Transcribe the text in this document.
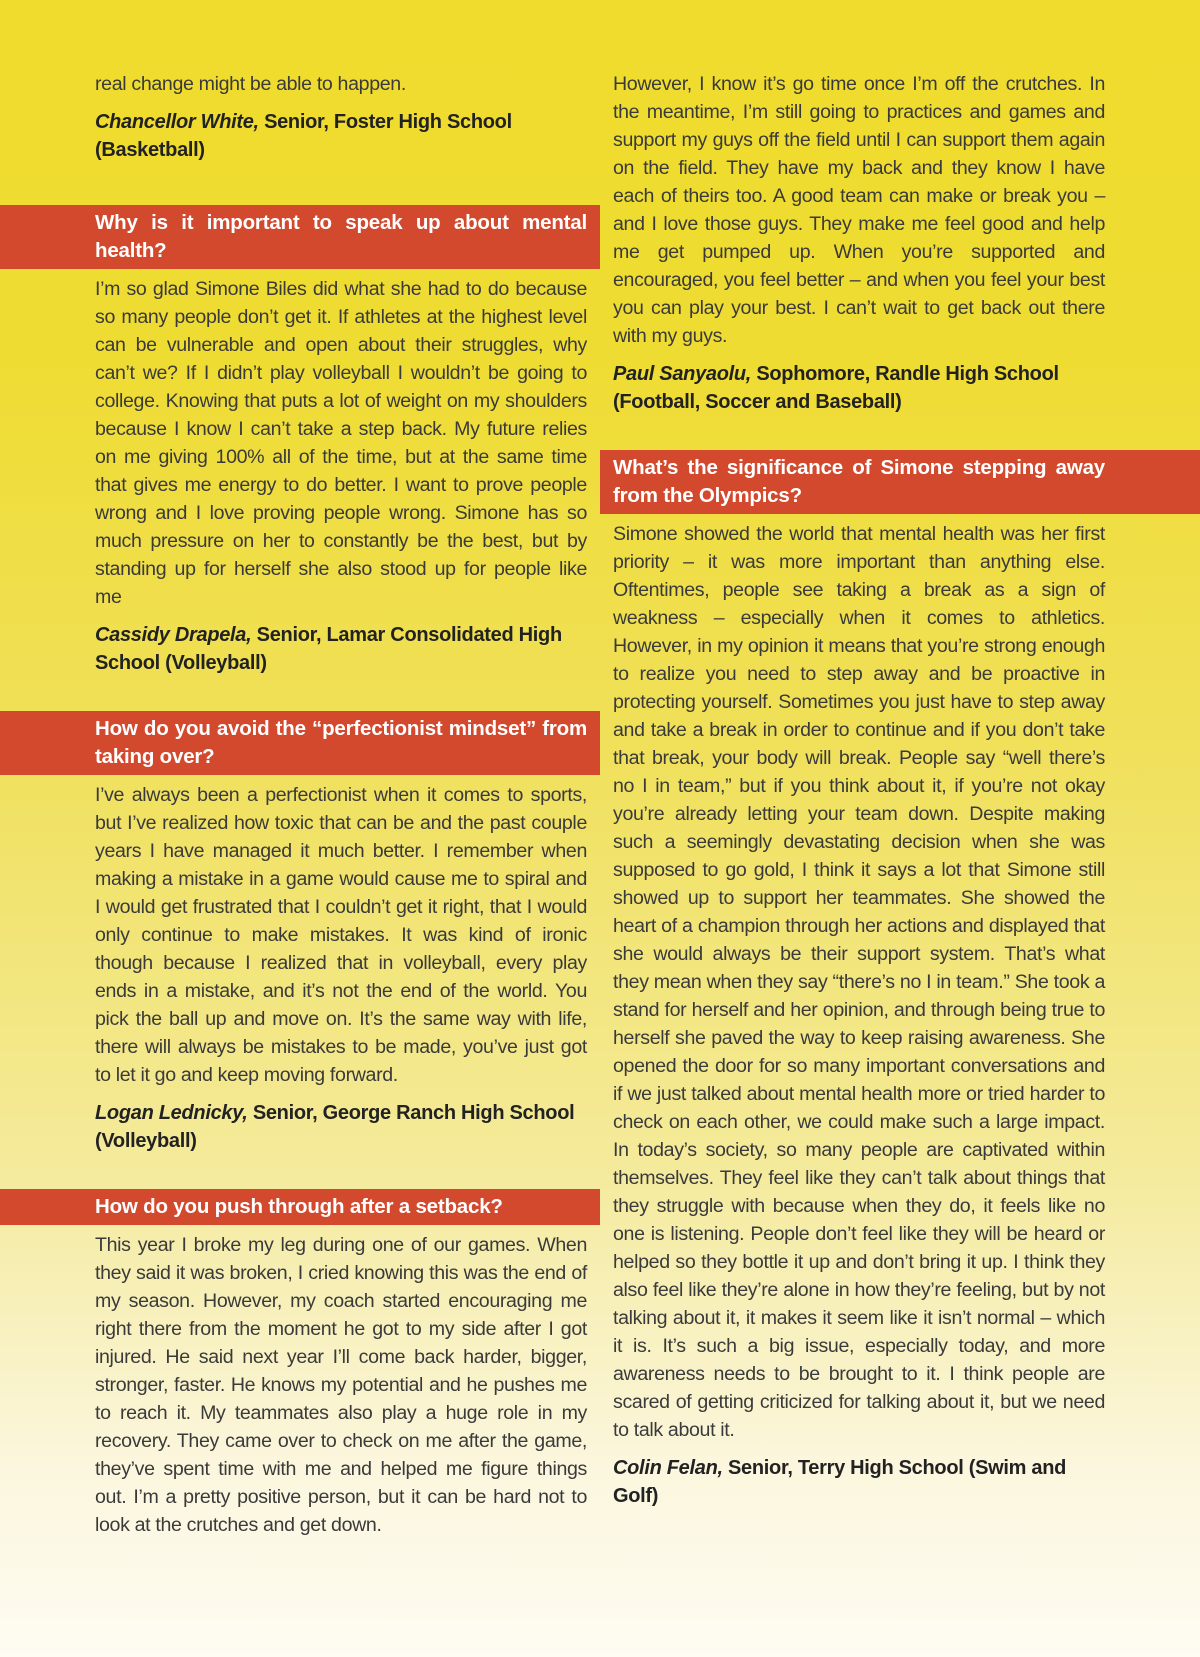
real change might be able to happen.

Chancellor White, Senior, Foster High School (Basketball)

Why is it important to speak up about mental health?

I’m so glad Simone Biles did what she had to do because so many people don’t get it. If athletes at the highest level can be vulnerable and open about their struggles, why can’t we? If I didn’t play volleyball I wouldn’t be going to college. Knowing that puts a lot of weight on my shoulders because I know I can’t take a step back. My future relies on me giving 100% all of the time, but at the same time that gives me energy to do better. I want to prove people wrong and I love proving people wrong. Simone has so much pressure on her to constantly be the best, but by standing up for herself she also stood up for people like me

Cassidy Drapela, Senior, Lamar Consolidated High School (Volleyball)

How do you avoid the “perfectionist mindset” from taking over?

I’ve always been a perfectionist when it comes to sports, but I’ve realized how toxic that can be and the past couple years I have managed it much better. I remember when making a mistake in a game would cause me to spiral and I would get frustrated that I couldn’t get it right, that I would only continue to make mistakes. It was kind of ironic though because I realized that in volleyball, every play ends in a mistake, and it’s not the end of the world. You pick the ball up and move on. It’s the same way with life, there will always be mistakes to be made, you’ve just got to let it go and keep moving forward.

Logan Lednicky, Senior, George Ranch High School (Volleyball)

How do you push through after a setback?

This year I broke my leg during one of our games. When they said it was broken, I cried knowing this was the end of my season. However, my coach started encouraging me right there from the moment he got to my side after I got injured. He said next year I’ll come back harder, bigger, stronger, faster. He knows my potential and he pushes me to reach it. My teammates also play a huge role in my recovery. They came over to check on me after the game, they’ve spent time with me and helped me figure things out. I’m a pretty positive person, but it can be hard not to look at the crutches and get down.

However, I know it’s go time once I’m off the crutches. In the meantime, I’m still going to practices and games and support my guys off the field until I can support them again on the field. They have my back and they know I have each of theirs too. A good team can make or break you – and I love those guys. They make me feel good and help me get pumped up. When you’re supported and encouraged, you feel better – and when you feel your best you can play your best. I can’t wait to get back out there with my guys.

Paul Sanyaolu, Sophomore, Randle High School (Football, Soccer and Baseball)

What’s the significance of Simone stepping away from the Olympics?

Simone showed the world that mental health was her first priority – it was more important than anything else. Oftentimes, people see taking a break as a sign of weakness – especially when it comes to athletics. However, in my opinion it means that you’re strong enough to realize you need to step away and be proactive in protecting yourself. Sometimes you just have to step away and take a break in order to continue and if you don’t take that break, your body will break. People say “well there’s no I in team,” but if you think about it, if you’re not okay you’re already letting your team down. Despite making such a seemingly devastating decision when she was supposed to go gold, I think it says a lot that Simone still showed up to support her teammates. She showed the heart of a champion through her actions and displayed that she would always be their support system. That’s what they mean when they say “there’s no I in team.” She took a stand for herself and her opinion, and through being true to herself she paved the way to keep raising awareness. She opened the door for so many important conversations and if we just talked about mental health more or tried harder to check on each other, we could make such a large impact. In today’s society, so many people are captivated within themselves. They feel like they can’t talk about things that they struggle with because when they do, it feels like no one is listening. People don’t feel like they will be heard or helped so they bottle it up and don’t bring it up. I think they also feel like they’re alone in how they’re feeling, but by not talking about it, it makes it seem like it isn’t normal – which it is. It’s such a big issue, especially today, and more awareness needs to be brought to it. I think people are scared of getting criticized for talking about it, but we need to talk about it.

Colin Felan, Senior, Terry High School (Swim and Golf)
